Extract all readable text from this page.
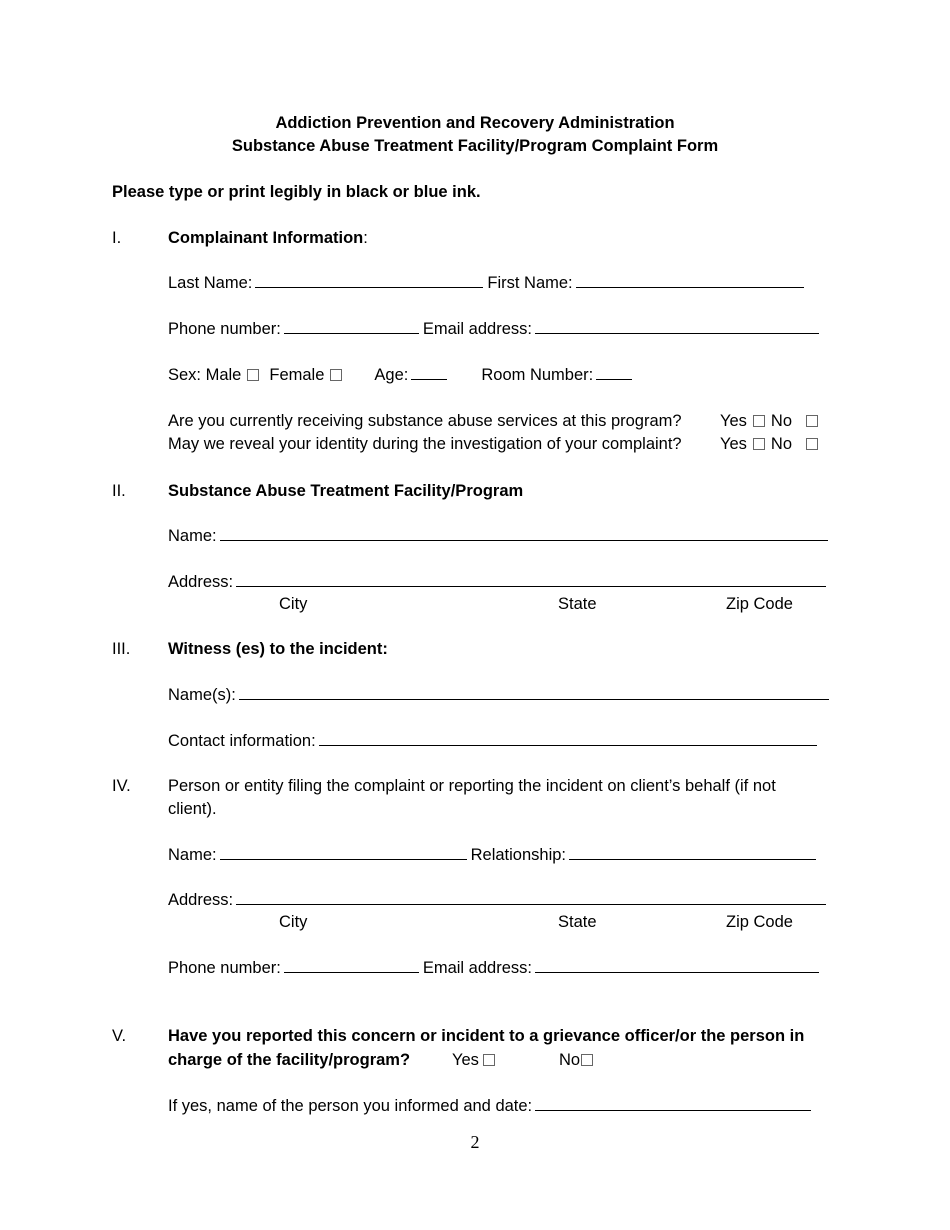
Addiction Prevention and Recovery Administration
Substance Abuse Treatment Facility/Program Complaint Form
Please type or print legibly in black or blue ink.
I.	Complainant Information:
Last Name:	First Name:
Phone number:	Email address:
Sex: Male Female	Age:	Room Number:
Are you currently receiving substance abuse services at this program? Yes No
May we reveal your identity during the investigation of your complaint? Yes No
II.	Substance Abuse Treatment Facility/Program
Name:
Address:
City	State	Zip Code
III. Witness (es) to the incident:
Name(s):
Contact information:
IV. Person or entity filing the complaint or reporting the incident on client’s behalf (if not
client).
Name:	Relationship:
Address:
City	State	Zip Code
Phone number:	Email address:
V.	Have you reported this concern or incident to a grievance officer/or the person in
charge of the facility/program?	Yes	No
If yes, name of the person you informed and date:
2
